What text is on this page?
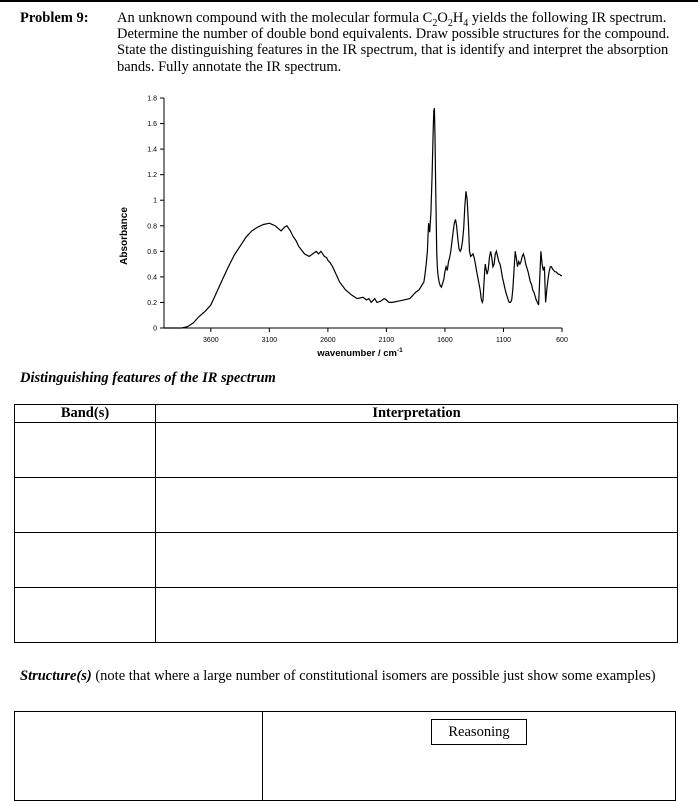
Problem 9: An unknown compound with the molecular formula $C_2O_2H_4$ yields the following IR spectrum. Determine the number of double bond equivalents. Draw possible structures for the compound. State the distinguishing features in the IR spectrum, that is identify and interpret the absorption bands. Fully annotate the IR spectrum.
0
0.2
0.4
0.6
0.8
1
1.2
1.4
1.6
1.8
3600	3100	2600	2100	1600	1100	600
Absorbance
wavenumber / $cm^{-1}$
Distinguishing features of the IR spectrum
Band(s)	Interpretation

Structure(s) (note that where a large number of constitutional isomers are possible just show some examples)
Reasoning
